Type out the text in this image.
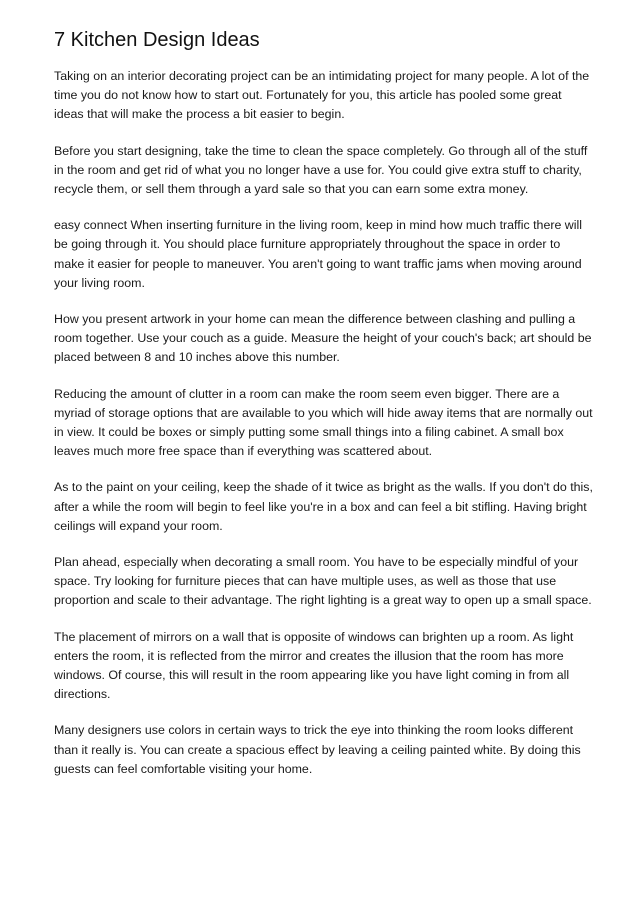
7 Kitchen Design Ideas

Taking on an interior decorating project can be an intimidating project for many people. A lot of the time you do not know how to start out. Fortunately for you, this article has pooled some great ideas that will make the process a bit easier to begin.

Before you start designing, take the time to clean the space completely. Go through all of the stuff in the room and get rid of what you no longer have a use for. You could give extra stuff to charity, recycle them, or sell them through a yard sale so that you can earn some extra money.

easy connect When inserting furniture in the living room, keep in mind how much traffic there will be going through it. You should place furniture appropriately throughout the space in order to make it easier for people to maneuver. You aren't going to want traffic jams when moving around your living room.

How you present artwork in your home can mean the difference between clashing and pulling a room together. Use your couch as a guide. Measure the height of your couch's back; art should be placed between 8 and 10 inches above this number.

Reducing the amount of clutter in a room can make the room seem even bigger. There are a myriad of storage options that are available to you which will hide away items that are normally out in view. It could be boxes or simply putting some small things into a filing cabinet. A small box leaves much more free space than if everything was scattered about.

As to the paint on your ceiling, keep the shade of it twice as bright as the walls. If you don't do this, after a while the room will begin to feel like you're in a box and can feel a bit stifling. Having bright ceilings will expand your room.

Plan ahead, especially when decorating a small room. You have to be especially mindful of your space. Try looking for furniture pieces that can have multiple uses, as well as those that use proportion and scale to their advantage. The right lighting is a great way to open up a small space.

The placement of mirrors on a wall that is opposite of windows can brighten up a room. As light enters the room, it is reflected from the mirror and creates the illusion that the room has more windows. Of course, this will result in the room appearing like you have light coming in from all directions.

Many designers use colors in certain ways to trick the eye into thinking the room looks different than it really is. You can create a spacious effect by leaving a ceiling painted white. By doing this guests can feel comfortable visiting your home.
